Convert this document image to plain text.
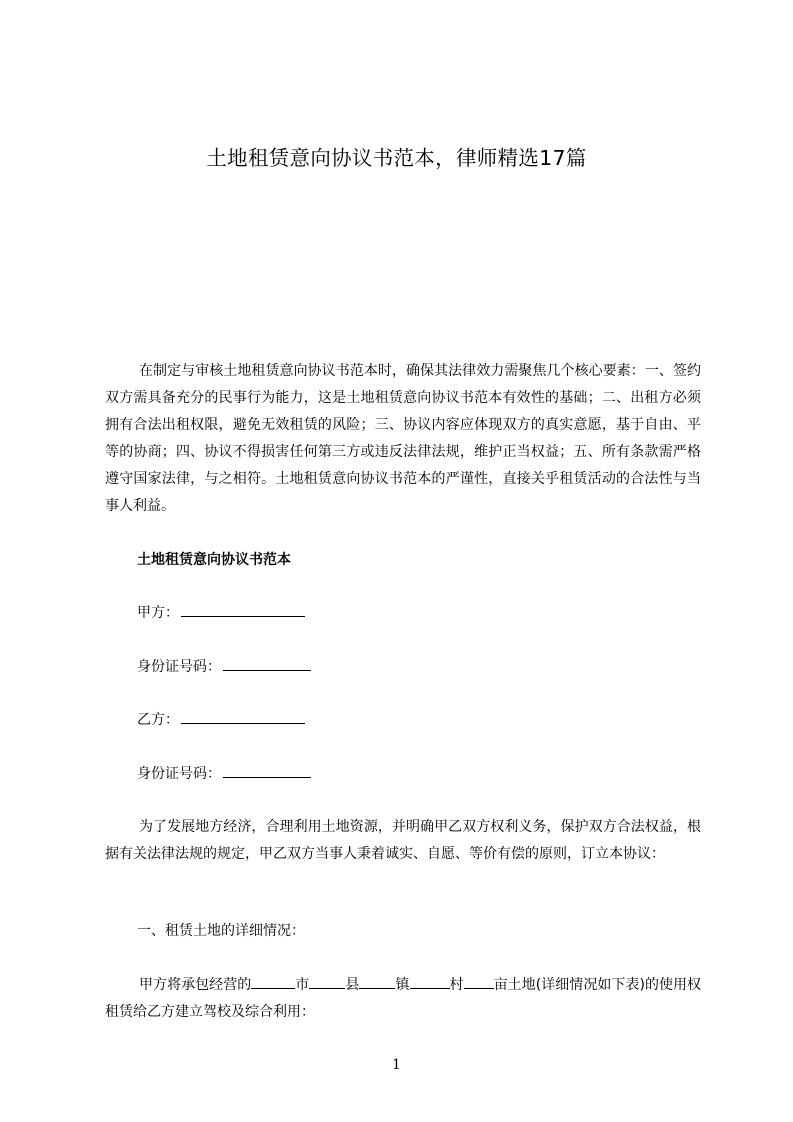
土地租赁意向协议书范本，律师精选17篇

在制定与审核土地租赁意向协议书范本时，确保其法律效力需聚焦几个核心要素：一、签约双方需具备充分的民事行为能力，这是土地租赁意向协议书范本有效性的基础；二、出租方必须拥有合法出租权限，避免无效租赁的风险；三、协议内容应体现双方的真实意愿，基于自由、平等的协商；四、协议不得损害任何第三方或违反法律法规，维护正当权益；五、所有条款需严格遵守国家法律，与之相符。土地租赁意向协议书范本的严谨性，直接关乎租赁活动的合法性与当事人利益。

土地租赁意向协议书范本
甲方：
身份证号码：
乙方：
身份证号码：

为了发展地方经济，合理利用土地资源，并明确甲乙双方权利义务，保护双方合法权益，根据有关法律法规的规定，甲乙双方当事人秉着诚实、自愿、等价有偿的原则，订立本协议：

一、租赁土地的详细情况：

甲方将承包经营的	市	县	镇	村 亩土地(详细情况如下表)的使用权租赁给乙方建立驾校及综合利用：

1
